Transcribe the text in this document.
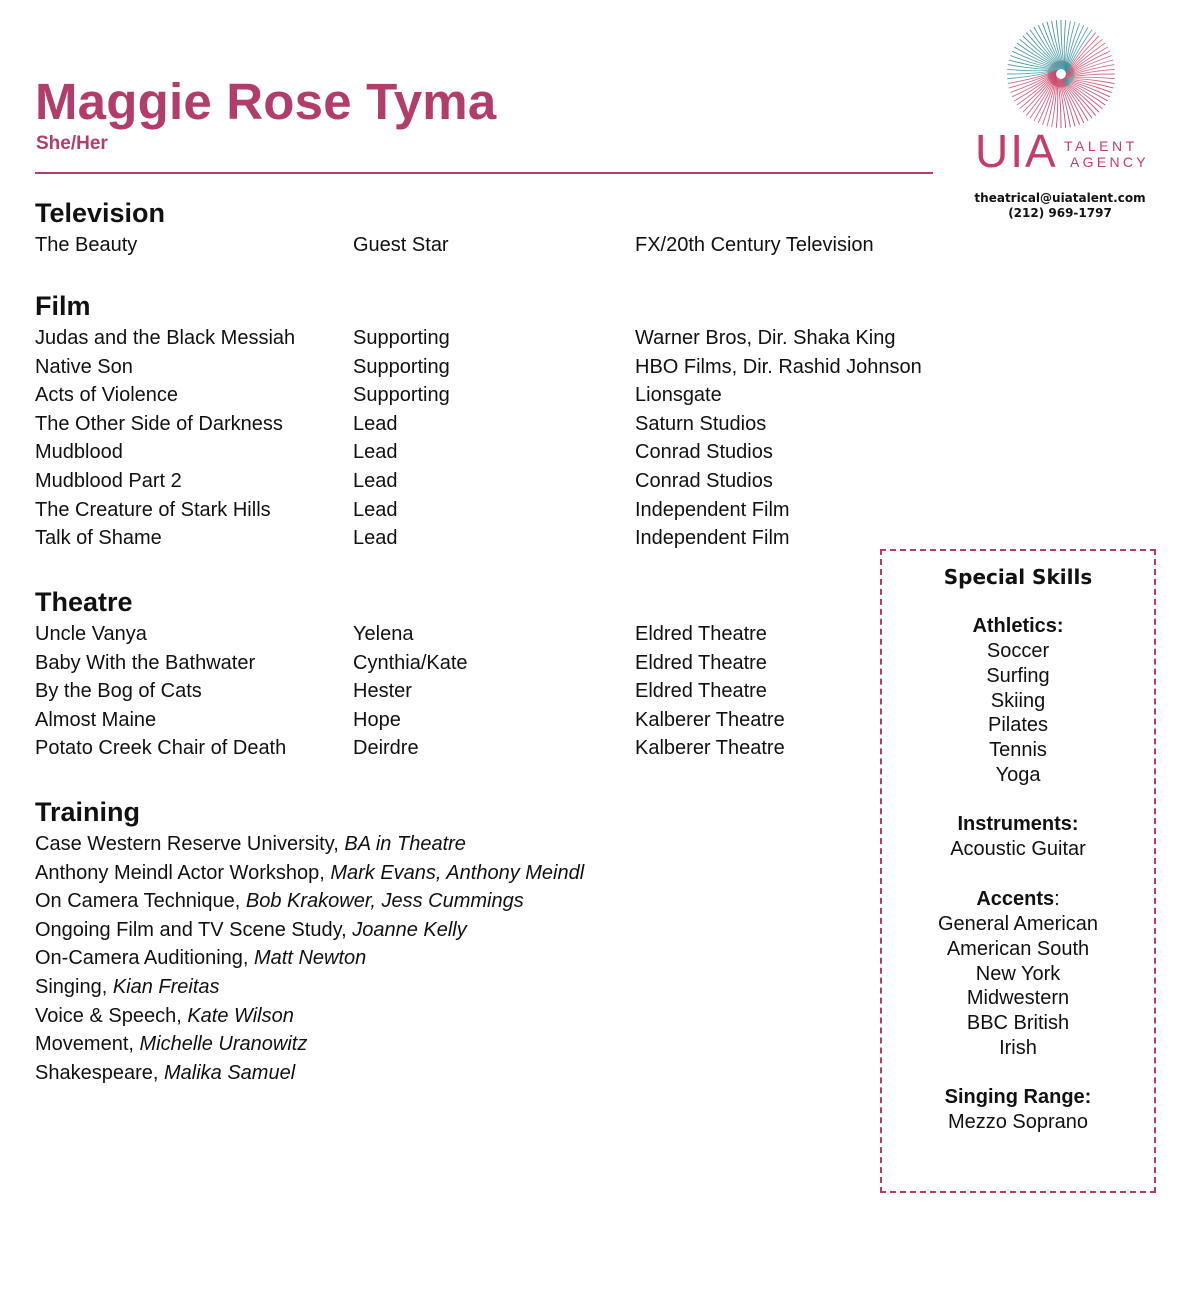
Maggie Rose Tyma
She/Her	UIA TALENT
AGENCY
theatrical@uiatalent.com
(212) 969-1797
Television
The Beauty	Guest Star	FX/20th Century Television
Film
Judas and the Black Messiah	Supporting	Warner Bros, Dir. Shaka King
Native Son	Supporting	HBO Films, Dir. Rashid Johnson
Acts of Violence	Supporting	Lionsgate
The Other Side of Darkness	Lead	Saturn Studios
Mudblood	Lead	Conrad Studios
Mudblood Part 2	Lead	Conrad Studios
The Creature of Stark Hills	Lead	Independent Film
Talk of Shame	Lead	Independent Film
Theatre
Uncle Vanya	Yelena	Eldred Theatre
Baby With the Bathwater	Cynthia/Kate	Eldred Theatre
By the Bog of Cats	Hester	Eldred Theatre
Almost Maine	Hope	Kalberer Theatre
Potato Creek Chair of Death	Deirdre	Kalberer Theatre
Training
Case Western Reserve University, BA in Theatre
Anthony Meindl Actor Workshop, Mark Evans, Anthony Meindl
On Camera Technique, Bob Krakower, Jess Cummings
Ongoing Film and TV Scene Study, Joanne Kelly
On-Camera Auditioning, Matt Newton
Singing, Kian Freitas
Voice & Speech, Kate Wilson
Movement, Michelle Uranowitz
Shakespeare, Malika Samuel
Special Skills
Athletics:
Soccer
Surfing
Skiing
Pilates
Tennis
Yoga
Instruments:
Acoustic Guitar
Accents:
General American
American South
New York
Midwestern
BBC British
Irish
Singing Range:
Mezzo Soprano
